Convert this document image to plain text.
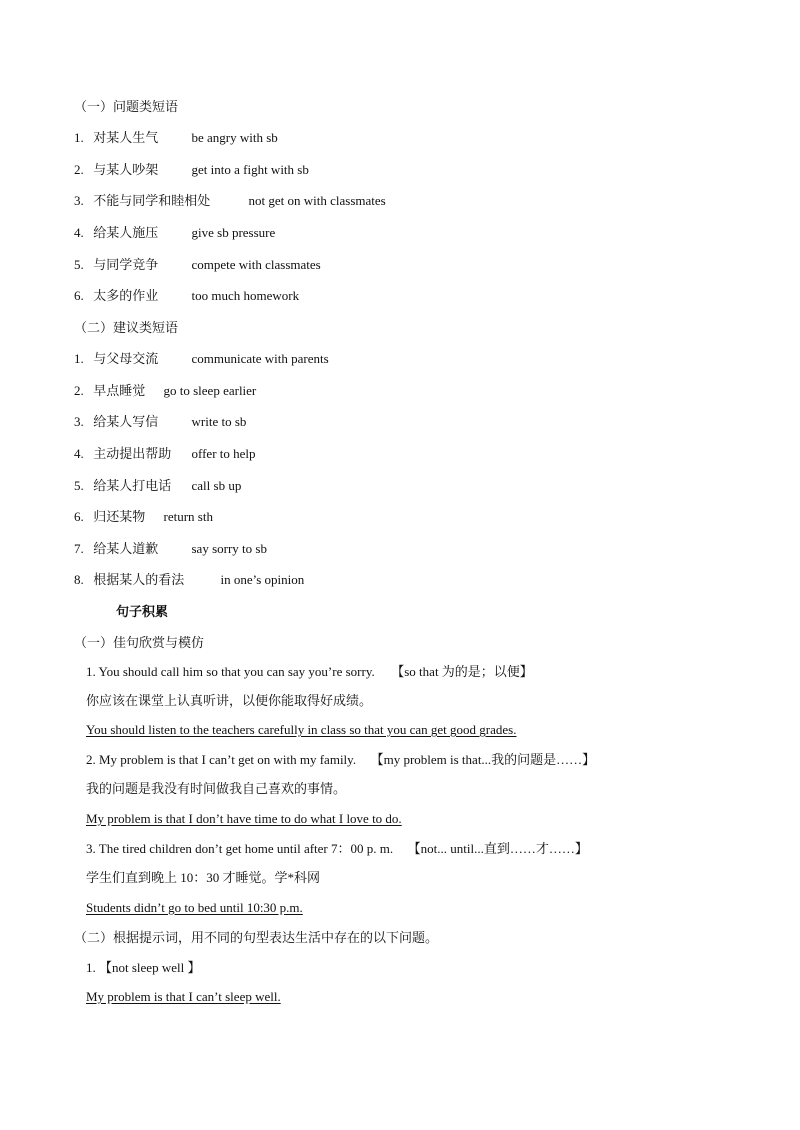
（一）问题类短语
1. 对某人生气	be angry with sb
2. 与某人吵架	get into a fight with sb
3. 不能与同学和睦相处	not get on with classmates
4. 给某人施压	give sb pressure
5. 与同学竞争	compete with classmates
6. 太多的作业	too much homework
（二）建议类短语
1. 与父母交流	communicate with parents
2. 早点睡觉 go to sleep earlier
3. 给某人写信	write to sb
4. 主动提出帮助 offer to help
5. 给某人打电话 call sb up
6. 归还某物 return sth
7. 给某人道歉	say sorry to sb
8. 根据某人的看法	in one’s opinion
句子积累
（一）佳句欣赏与模仿
1. You should call him so that you can say you’re sorry. 【so that 为的是；以便】
你应该在课堂上认真听讲，以便你能取得好成绩。
You should listen to the teachers carefully in class so that you can get good grades.
2. My problem is that I can’t get on with my family. 【my problem is that...我的问题是……】
我的问题是我没有时间做我自己喜欢的事情。
My problem is that I don’t have time to do what I love to do.
3. The tired children don’t get home until after 7：00 p. m. 【not... until...直到……才……】
学生们直到晚上 10：30 才睡觉。学*科网
Students didn’t go to bed until 10:30 p.m.
（二）根据提示词，用不同的句型表达生活中存在的以下问题。
1. 【not sleep well 】
My problem is that I can’t sleep well.
